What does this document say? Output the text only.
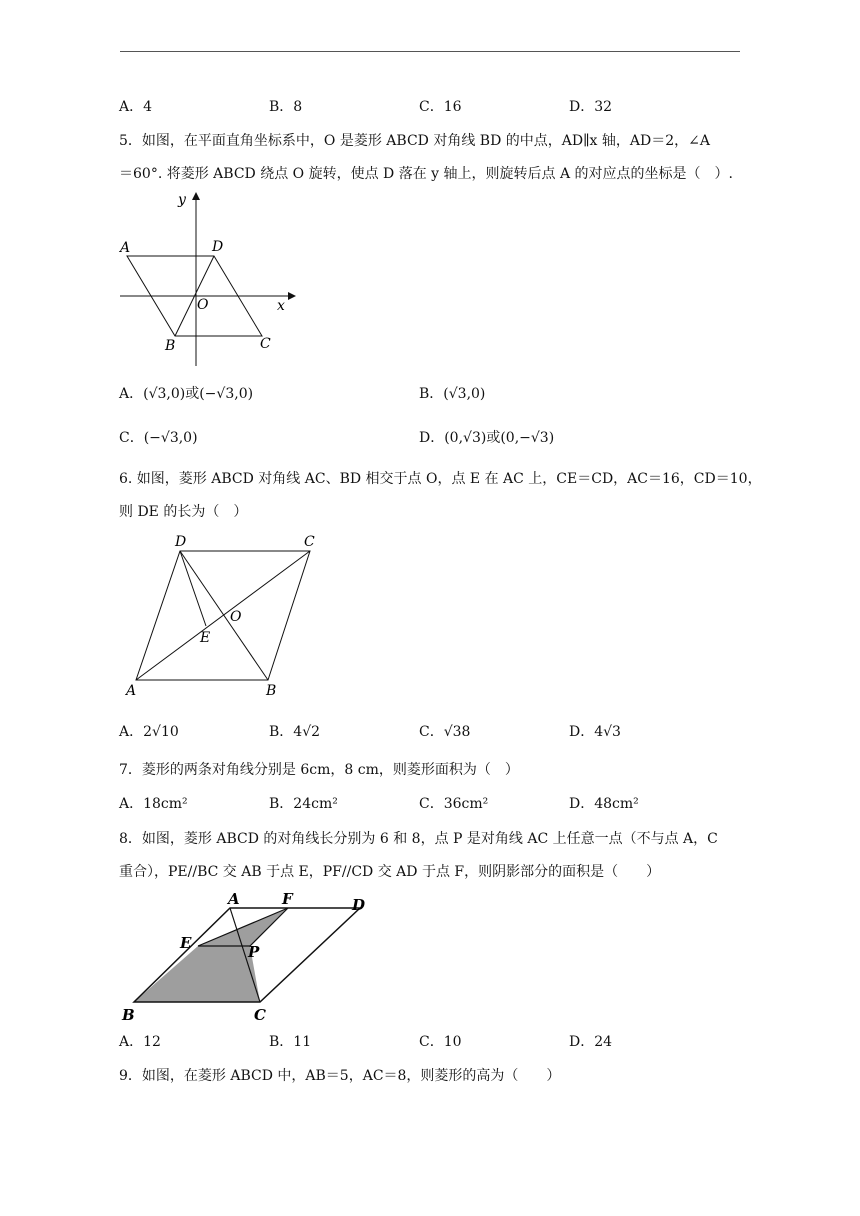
A．4	B．8	C．16	D．32
5．如图，在平面直角坐标系中，O 是菱形 ABCD 对角线 BD 的中点，AD∥x 轴，AD＝2，∠A
＝60°. 将菱形 ABCD 绕点 O 旋转，使点 D 落在 y 轴上，则旋转后点 A 的对应点的坐标是（　）.
y
x
A	D
O
B	C
A．(√3,0)或(−√3,0)	B．(√3,0)
C．(−√3,0)	D．(0,√3)或(0,−√3)
6. 如图，菱形 ABCD 对角线 AC、BD 相交于点 O，点 E 在 AC 上，CE＝CD，AC＝16，CD＝10，
则 DE 的长为（　）
D	C
B
A
O
E
A．2√10	B．4√2	C．√38	D．4√3
7．菱形的两条对角线分别是 6cm，8 cm，则菱形面积为（　）
A．18cm²	B．24cm²	C．36cm²	D．48cm²
8．如图，菱形 ABCD 的对角线长分别为 6 和 8，点 P 是对角线 AC 上任意一点（不与点 A，C
重合），PE//BC 交 AB 于点 E，PF//CD 交 AD 于点 F，则阴影部分的面积是（　　）
A	F	D
E	P
B	C
A．12	B．11	C．10	D．24
9．如图，在菱形 ABCD 中，AB＝5，AC＝8，则菱形的高为（　　）
